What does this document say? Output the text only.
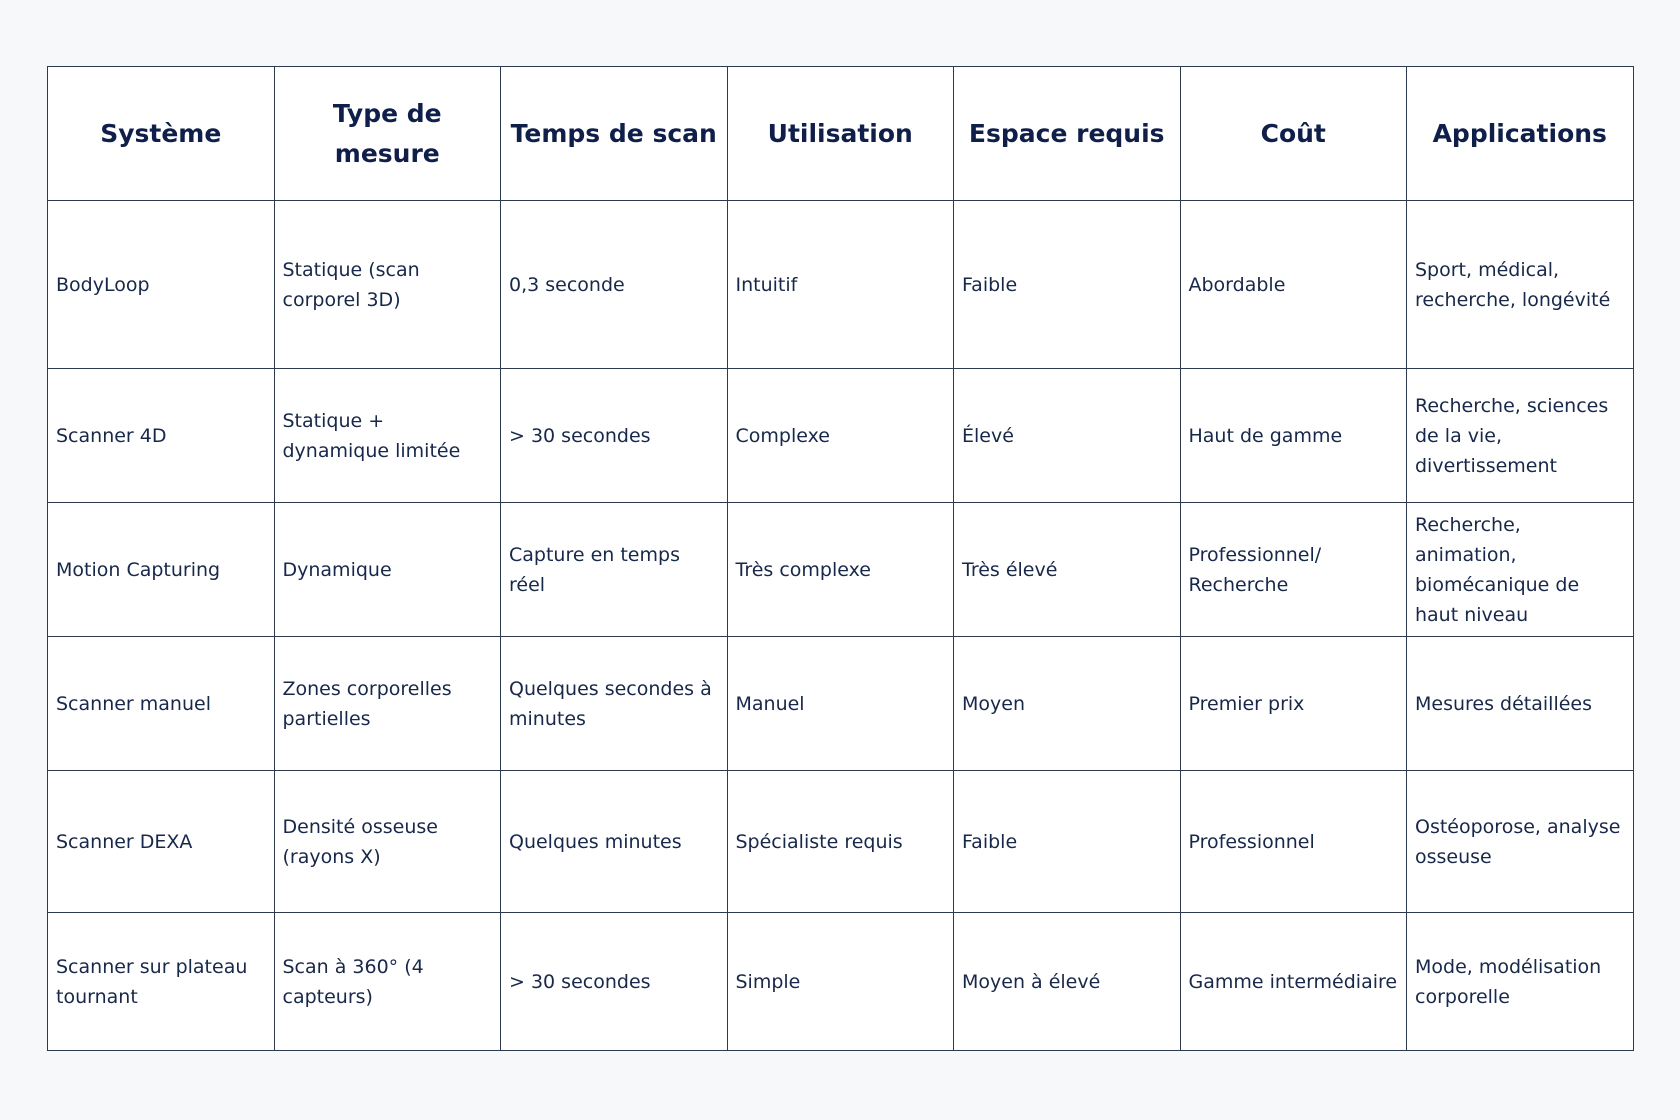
Système	Type de mesure	Temps de scan	Utilisation	Espace requis	Coût	Applications
BodyLoop	Statique (scan corporel 3D)	0,3 seconde	Intuitif	Faible	Abordable	Sport, médical, recherche, longévité
Scanner 4D	Statique + dynamique limitée	> 30 secondes	Complexe	Élevé	Haut de gamme	Recherche, sciences de la vie, divertissement
Motion Capturing	Dynamique	Capture en temps réel	Très complexe	Très élevé	Professionnel/ Recherche	Recherche, animation, biomécanique de haut niveau
Scanner manuel	Zones corporelles partielles	Quelques secondes à minutes	Manuel	Moyen	Premier prix	Mesures détaillées
Scanner DEXA	Densité osseuse (rayons X)	Quelques minutes	Spécialiste requis	Faible	Professionnel	Ostéoporose, analyse osseuse
Scanner sur plateau tournant	Scan à 360° (4 capteurs)	> 30 secondes	Simple	Moyen à élevé	Gamme intermédiaire	Mode, modélisation corporelle
